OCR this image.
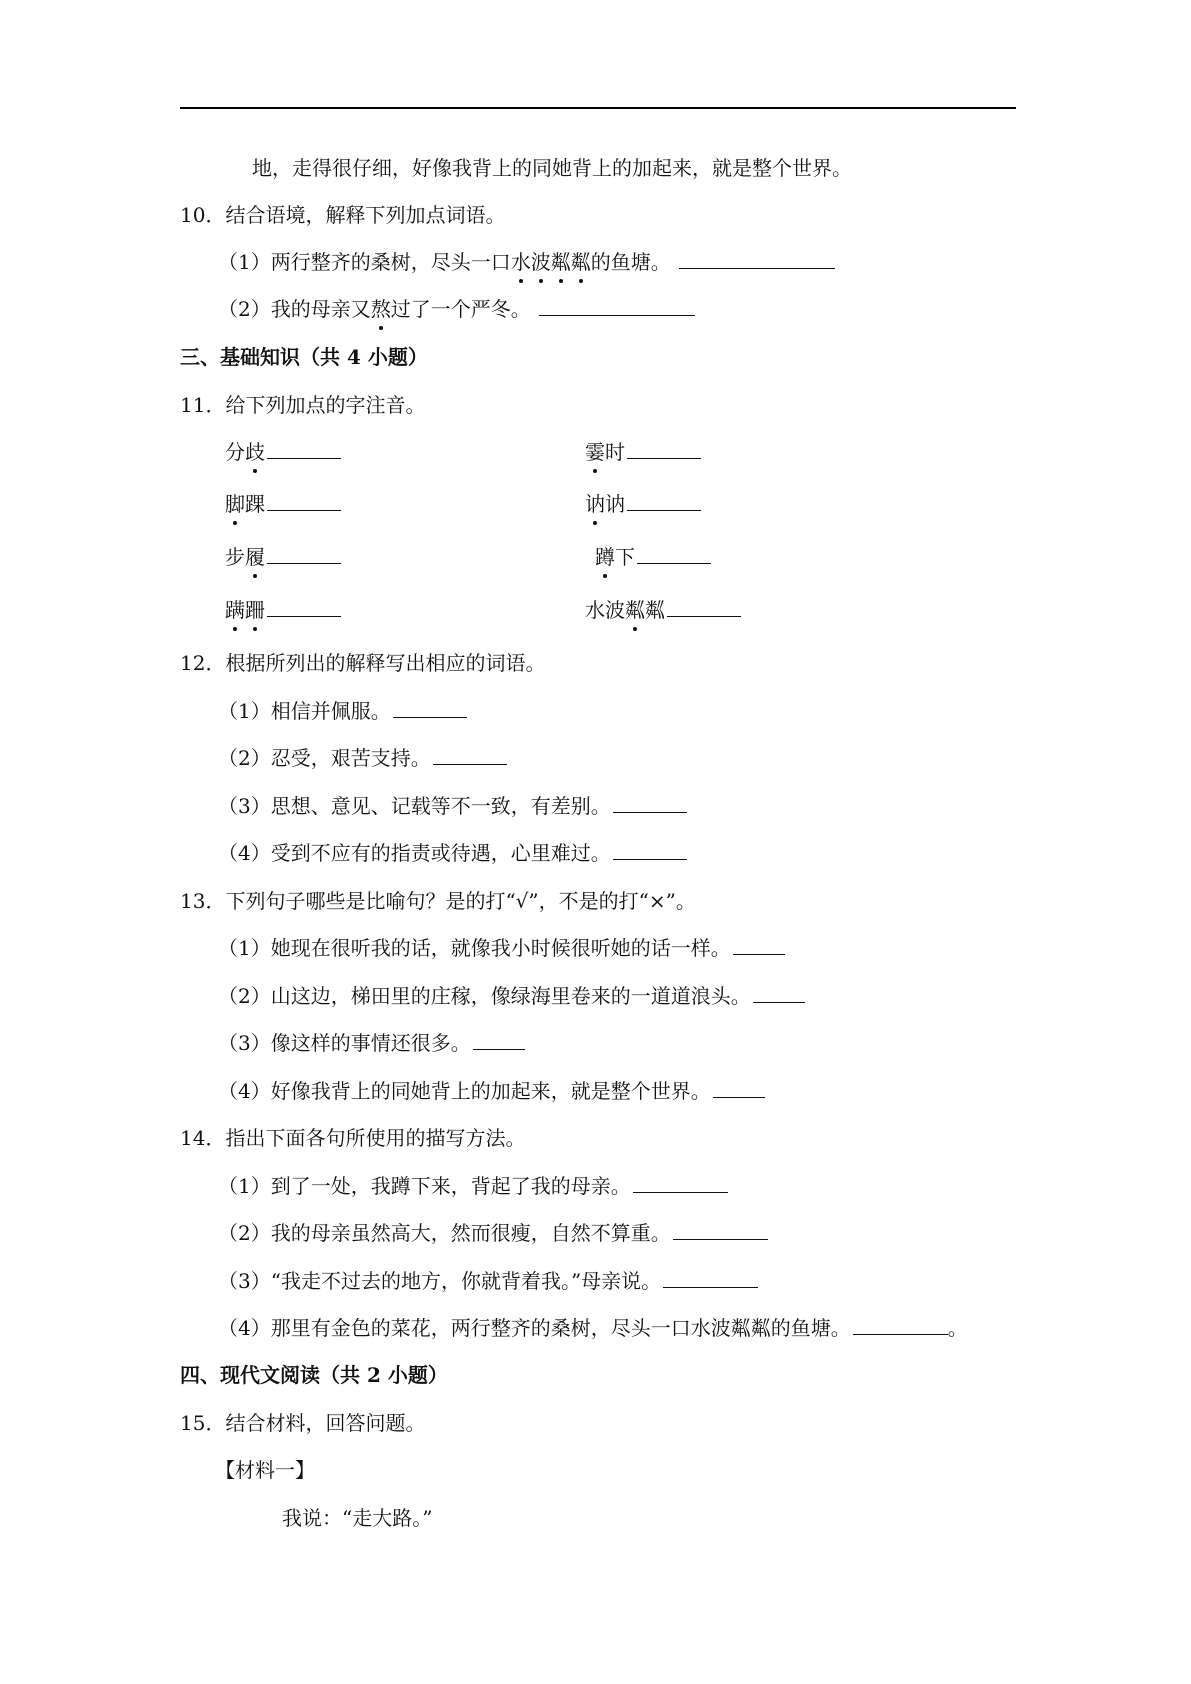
地，走得很仔细，好像我背上的同她背上的加起来，就是整个世界。
10．结合语境，解释下列加点词语。
（1）两行整齐的桑树，尽头一口水波粼粼的鱼塘。
（2）我的母亲又熬过了一个严冬。
三、基础知识（共 4 小题）
11．给下列加点的字注音。
分歧	霎时
脚踝	讷讷
步履	蹲下
蹒跚	水波粼粼
12．根据所列出的解释写出相应的词语。
（1）相信并佩服。
（2）忍受，艰苦支持。
（3）思想、意见、记载等不一致，有差别。
（4）受到不应有的指责或待遇，心里难过。
13．下列句子哪些是比喻句？是的打“√”，不是的打“×”。
（1）她现在很听我的话，就像我小时候很听她的话一样。
（2）山这边，梯田里的庄稼，像绿海里卷来的一道道浪头。
（3）像这样的事情还很多。
（4）好像我背上的同她背上的加起来，就是整个世界。
14．指出下面各句所使用的描写方法。
（1）到了一处，我蹲下来，背起了我的母亲。
（2）我的母亲虽然高大，然而很瘦，自然不算重。
（3）“我走不过去的地方，你就背着我。”母亲说。
（4）那里有金色的菜花，两行整齐的桑树，尽头一口水波粼粼的鱼塘。	。
四、现代文阅读（共 2 小题）
15．结合材料，回答问题。
【材料一】
我说：“走大路。”
